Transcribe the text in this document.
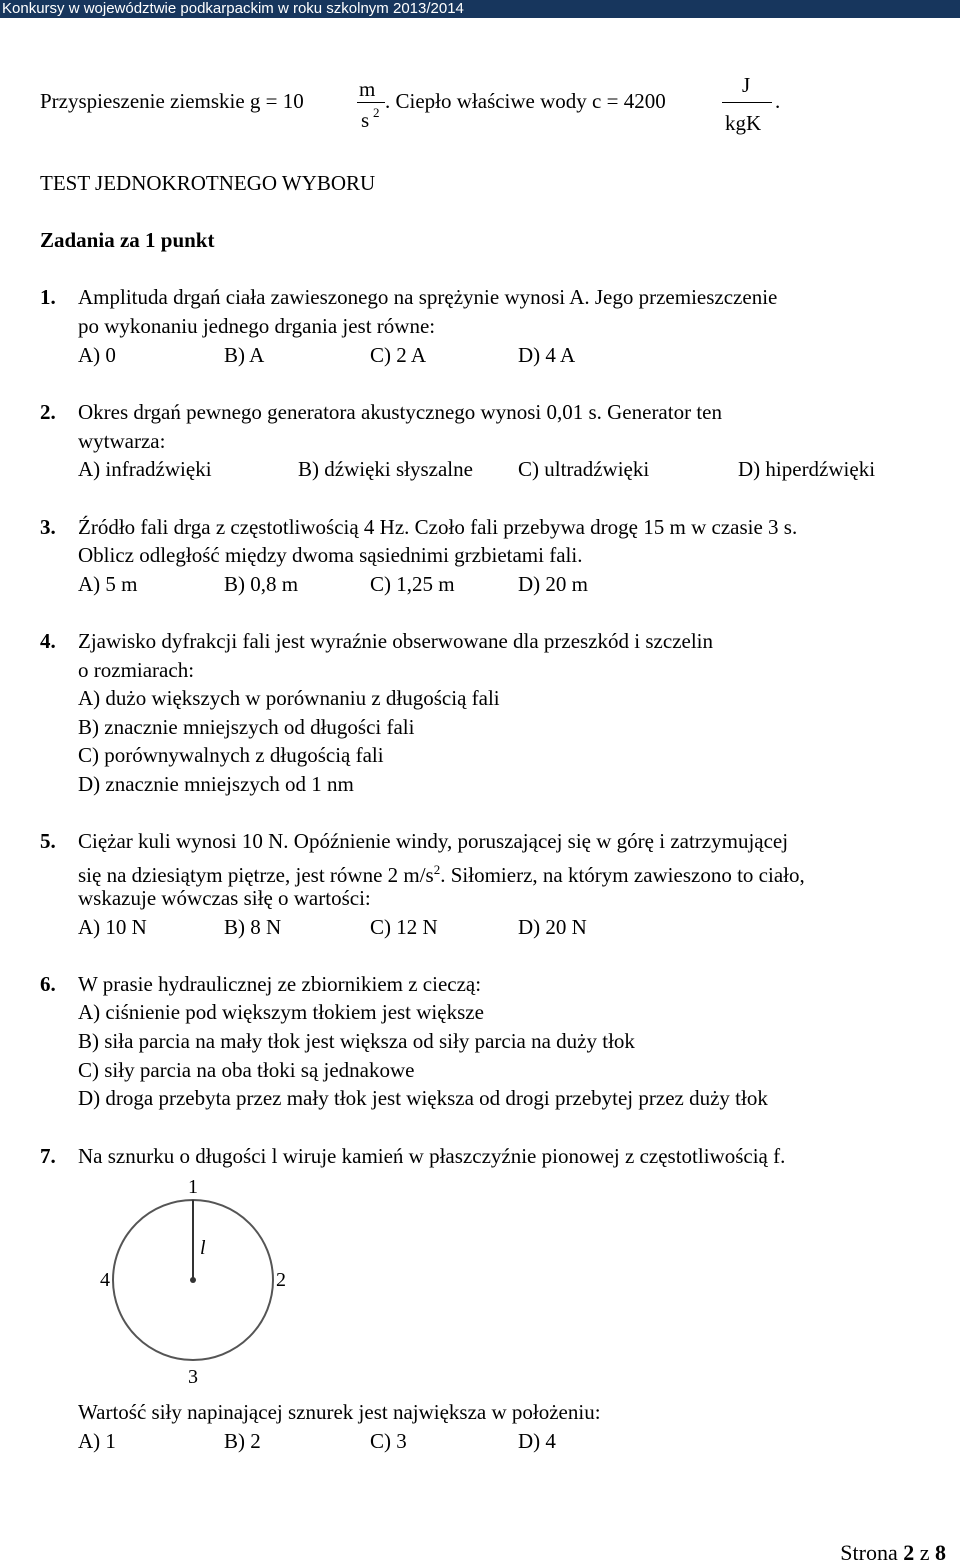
Konkursy w województwie podkarpackim w roku szkolnym 2013/2014
Przyspieszenie ziemskie g = 10	m
s 2 . Ciepło właściwe wody c = 4200
J
kgK
.
TEST JEDNOKROTNEGO WYBORU
Zadania za 1 punkt
1. Amplituda drgań ciała zawieszonego na sprężynie wynosi A. Jego przemieszczenie
po wykonaniu jednego drgania jest równe:
A) 0	B) A	C) 2 A	D) 4 A
2. Okres drgań pewnego generatora akustycznego wynosi 0,01 s. Generator ten
wytwarza:
A) infradźwięki	B) dźwięki słyszalne C) ultradźwięki	D) hiperdźwięki
3. Źródło fali drga z częstotliwością 4 Hz. Czoło fali przebywa drogę 15 m w czasie 3 s.
Oblicz odległość między dwoma sąsiednimi grzbietami fali.
A) 5 m	B) 0,8 m	C) 1,25 m	D) 20 m
4. Zjawisko dyfrakcji fali jest wyraźnie obserwowane dla przeszkód i szczelin
o rozmiarach:
A) dużo większych w porównaniu z długością fali
B) znacznie mniejszych od długości fali
C) porównywalnych z długością fali
D) znacznie mniejszych od 1 nm
5. Ciężar kuli wynosi 10 N. Opóźnienie windy, poruszającej się w górę i zatrzymującej
się na dziesiątym piętrze, jest równe 2 $m/s^2$. Siłomierz, na którym zawieszono to ciało,
wskazuje wówczas siłę o wartości:
A) 10 N	B) 8 N	C) 12 N	D) 20 N
6. W prasie hydraulicznej ze zbiornikiem z cieczą:
A) ciśnienie pod większym tłokiem jest większe
B) siła parcia na mały tłok jest większa od siły parcia na duży tłok
C) siły parcia na oba tłoki są jednakowe
D) droga przebyta przez mały tłok jest większa od drogi przebytej przez duży tłok
7. Na sznurku o długości l wiruje kamień w płaszczyźnie pionowej z częstotliwością f.
1
2
3
4
l
Wartość siły napinającej sznurek jest największa w położeniu:
A) 1	B) 2	C) 3	D) 4
Strona 2 z 8
